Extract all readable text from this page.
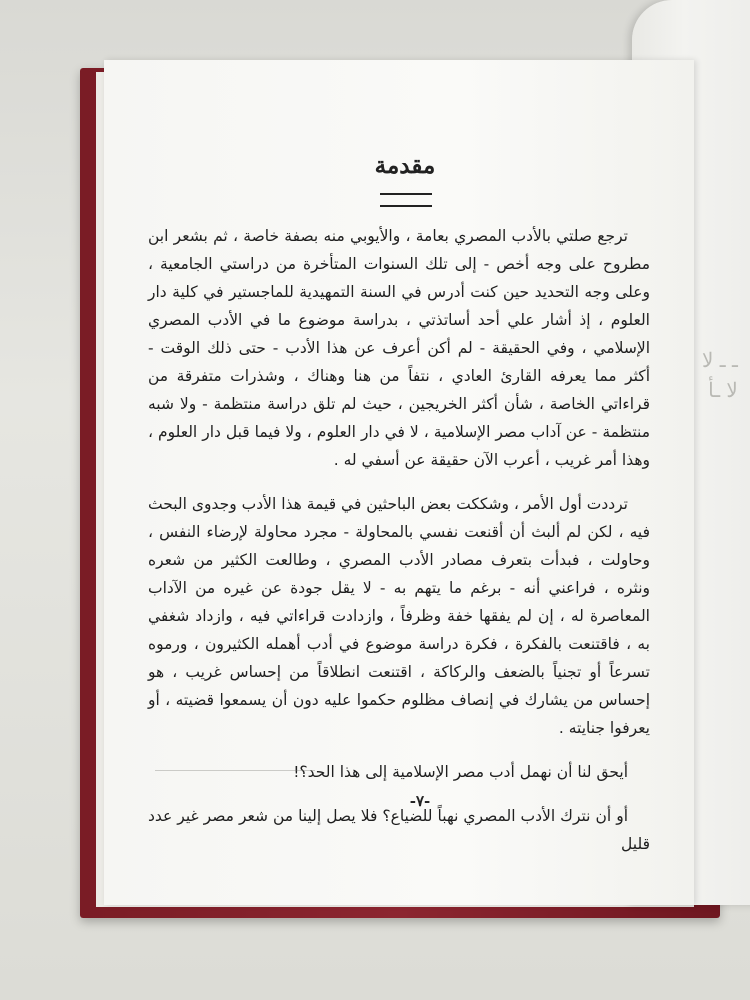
ـ ـ لا
لا ـأ
مقدمة

ترجع صلتي بالأدب المصري بعامة ، والأيوبي منه بصفة خاصة ، ثم بشعر ابن مطروح على وجه أخص - إلى تلك السنوات المتأخرة من دراستي الجامعية ، وعلى وجه التحديد حين كنت أدرس في السنة التمهيدية للماجستير في كلية دار العلوم ، إذ أشار علي أحد أساتذتي ، بدراسة موضوع ما في الأدب المصري الإسلامي ، وفي الحقيقة - لم أكن أعرف عن هذا الأدب - حتى ذلك الوقت - أكثر مما يعرفه القارئ العادي ، نتفاً من هنا وهناك ، وشذرات متفرقة من قراءاتي الخاصة ، شأن أكثر الخريجين ، حيث لم تلق دراسة منتظمة - ولا شبه منتظمة - عن آداب مصر الإسلامية ، لا في دار العلوم ، ولا فيما قبل دار العلوم ، وهذا أمر غريب ، أعرب الآن حقيقة عن أسفي له .

ترددت أول الأمر ، وشككت بعض الباحثين في قيمة هذا الأدب وجدوى البحث فيه ، لكن لم ألبث أن أقنعت نفسي بالمحاولة - مجرد محاولة لإرضاء النفس ، وحاولت ، فبدأت بتعرف مصادر الأدب المصري ، وطالعت الكثير من شعره ونثره ، فراعني أنه - برغم ما يتهم به - لا يقل جودة عن غيره من الآداب المعاصرة له ، إن لم يفقها خفة وظرفاً ، وازدادت قراءاتي فيه ، وازداد شغفي به ، فاقتنعت بالفكرة ، فكرة دراسة موضوع في أدب أهمله الكثيرون ، ورموه تسرعاً أو تجنياً بالضعف والركاكة ، اقتنعت انطلاقاً من إحساس غريب ، هو إحساس من يشارك في إنصاف مظلوم حكموا عليه دون أن يسمعوا قضيته ، أو يعرفوا جنايته .

أيحق لنا أن نهمل أدب مصر الإسلامية إلى هذا الحد؟!

أو أن نترك الأدب المصري نهباً للضياع؟ فلا يصل إلينا من شعر مصر غير عدد قليل

-٧-
